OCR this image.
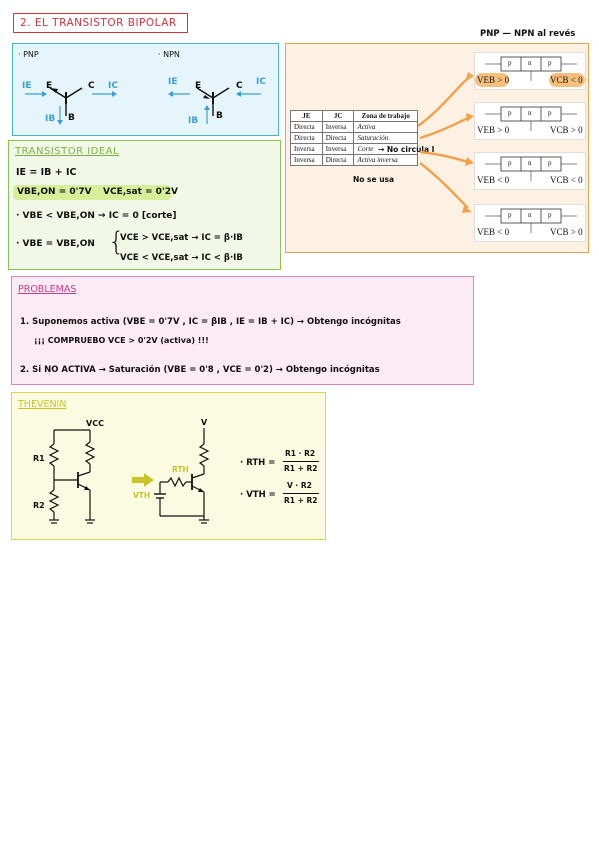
2. EL TRANSISTOR BIPOLAR
PNP — NPN al revés
· PNP	· NPN
IE E	C IC
IB B
IE E	C IC
IB B	JE	JC	Zona de trabajo
Directa	Inversa	Activa
Directa	Directa	Saturación
Inversa	Inversa	Corte
Inversa	Directa	Activa inversa
→ No circula I
No se usa
p n p
VEB > 0	VCB < 0
p n p
VEB > 0	VCB > 0
p n p
VEB < 0	VCB < 0
p n p
VEB < 0	VCB > 0
TRANSISTOR IDEAL
IE = IB + IC
VBE,ON = 0'7V VCE,sat = 0'2V
· VBE < VBE,ON → IC = 0 [corte]
· VBE = VBE,ON {
VCE > VCE,sat → IC = β·IB
VCE < VCE,sat → IC < β·IB
PROBLEMAS
1. Suponemos activa (VBE = 0'7V , IC = βIB , IE = IB + IC) → Obtengo incógnitas
¡¡¡ COMPRUEBO VCE > 0'2V (activa) !!!
2. Si NO ACTIVA → Saturación (VBE = 0'8 , VCE = 0'2) → Obtengo incógnitas
THEVENIN
VCC
R1
R2
V
RTH
VTH
· RTH =
R1 · R2
R1 + R2
· VTH =
V · R2
R1 + R2
